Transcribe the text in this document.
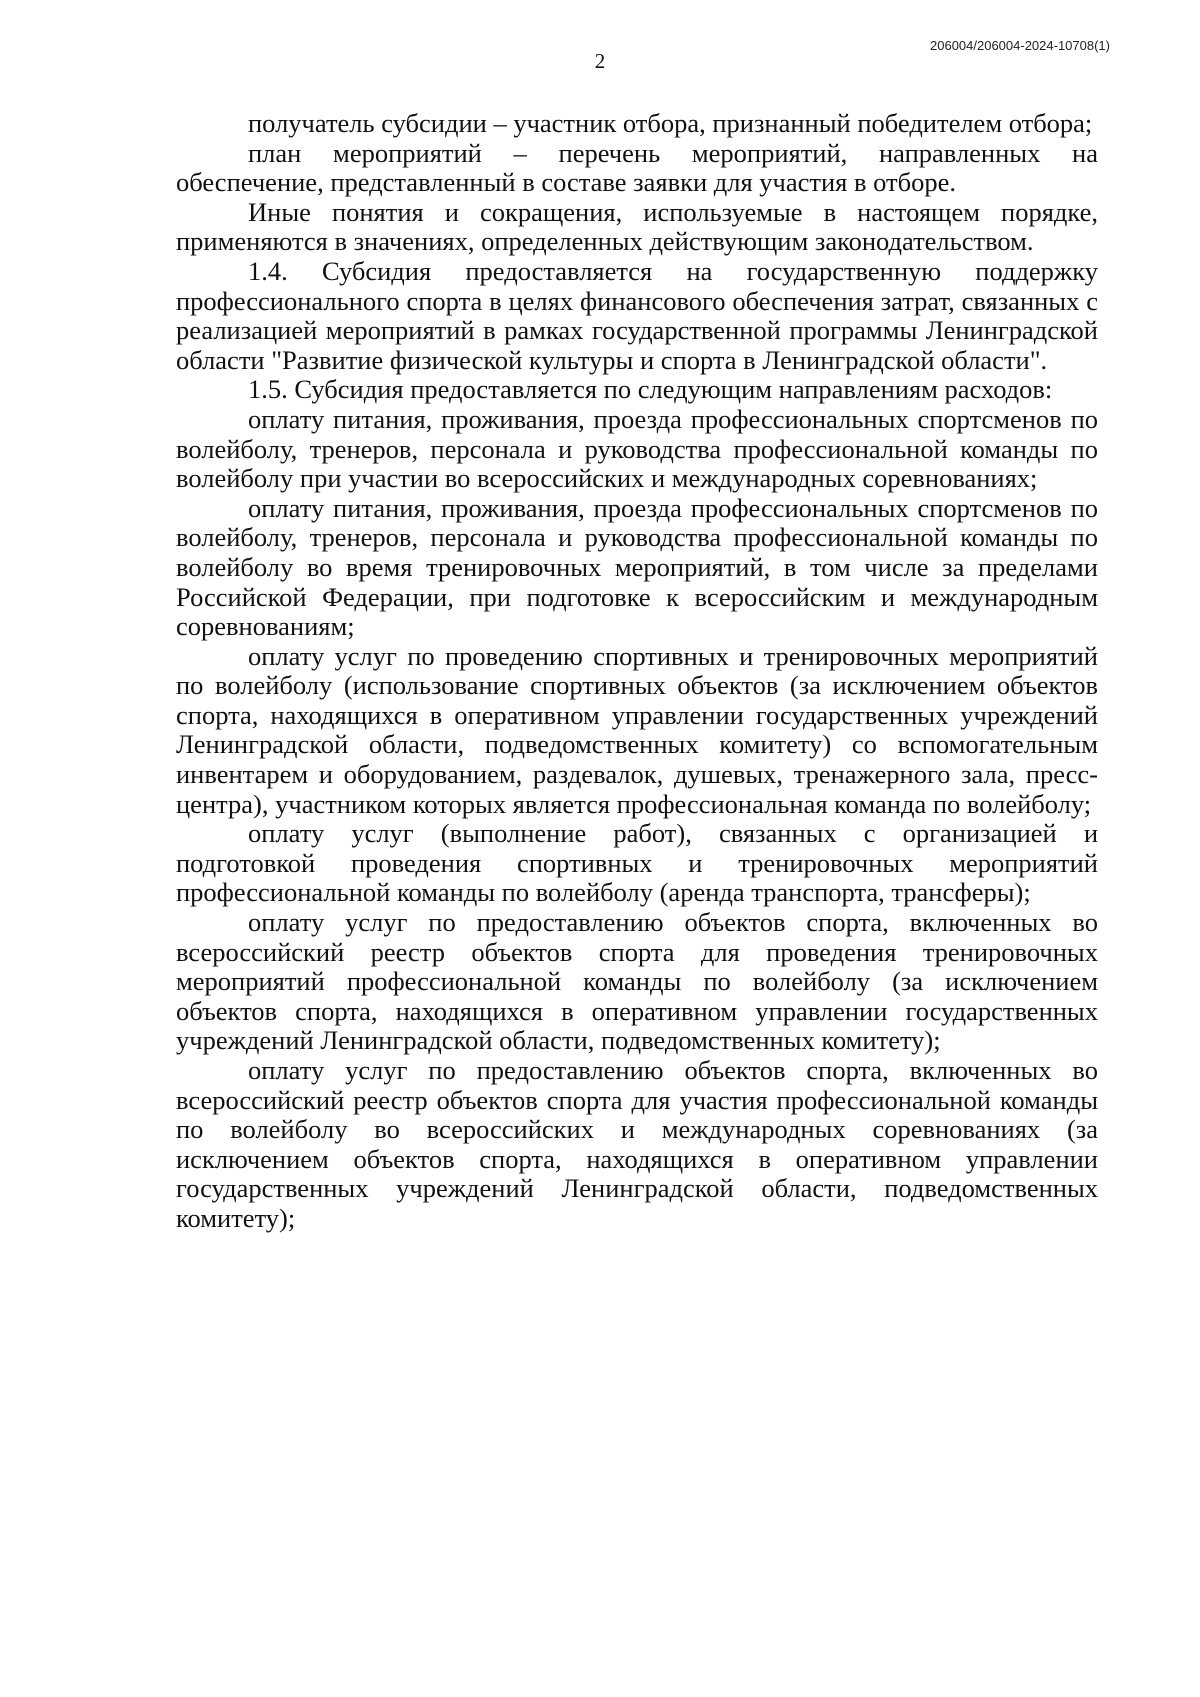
206004/206004-2024-10708(1)
2

получатель субсидии – участник отбора, признанный победителем отбора;

план мероприятий – перечень мероприятий, направленных на обеспечение, представленный в составе заявки для участия в отборе.

Иные понятия и сокращения, используемые в настоящем порядке, применяются в значениях, определенных действующим законодательством.

1.4. Субсидия предоставляется на государственную поддержку профессионального спорта в целях финансового обеспечения затрат, связанных с реализацией мероприятий в рамках государственной программы Ленинградской области "Развитие физической культуры и спорта в Ленинградской области".

1.5. Субсидия предоставляется по следующим направлениям расходов:

оплату питания, проживания, проезда профессиональных спортсменов по волейболу, тренеров, персонала и руководства профессиональной команды по волейболу при участии во всероссийских и международных соревнованиях;

оплату питания, проживания, проезда профессиональных спортсменов по волейболу, тренеров, персонала и руководства профессиональной команды по волейболу во время тренировочных мероприятий, в том числе за пределами Российской Федерации, при подготовке к всероссийским и международным соревнованиям;

оплату услуг по проведению спортивных и тренировочных мероприятий по волейболу (использование спортивных объектов (за исключением объектов спорта, находящихся в оперативном управлении государственных учреждений Ленинградской области, подведомственных комитету) со вспомогательным инвентарем и оборудованием, раздевалок, душевых, тренажерного зала, пресс-центра), участником которых является профессиональная команда по волейболу;

оплату услуг (выполнение работ), связанных с организацией и подготовкой проведения спортивных и тренировочных мероприятий профессиональной команды по волейболу (аренда транспорта, трансферы);

оплату услуг по предоставлению объектов спорта, включенных во всероссийский реестр объектов спорта для проведения тренировочных мероприятий профессиональной команды по волейболу (за исключением объектов спорта, находящихся в оперативном управлении государственных учреждений Ленинградской области, подведомственных комитету);

оплату услуг по предоставлению объектов спорта, включенных во всероссийский реестр объектов спорта для участия профессиональной команды по волейболу во всероссийских и международных соревнованиях (за исключением объектов спорта, находящихся в оперативном управлении государственных учреждений Ленинградской области, подведомственных комитету);
